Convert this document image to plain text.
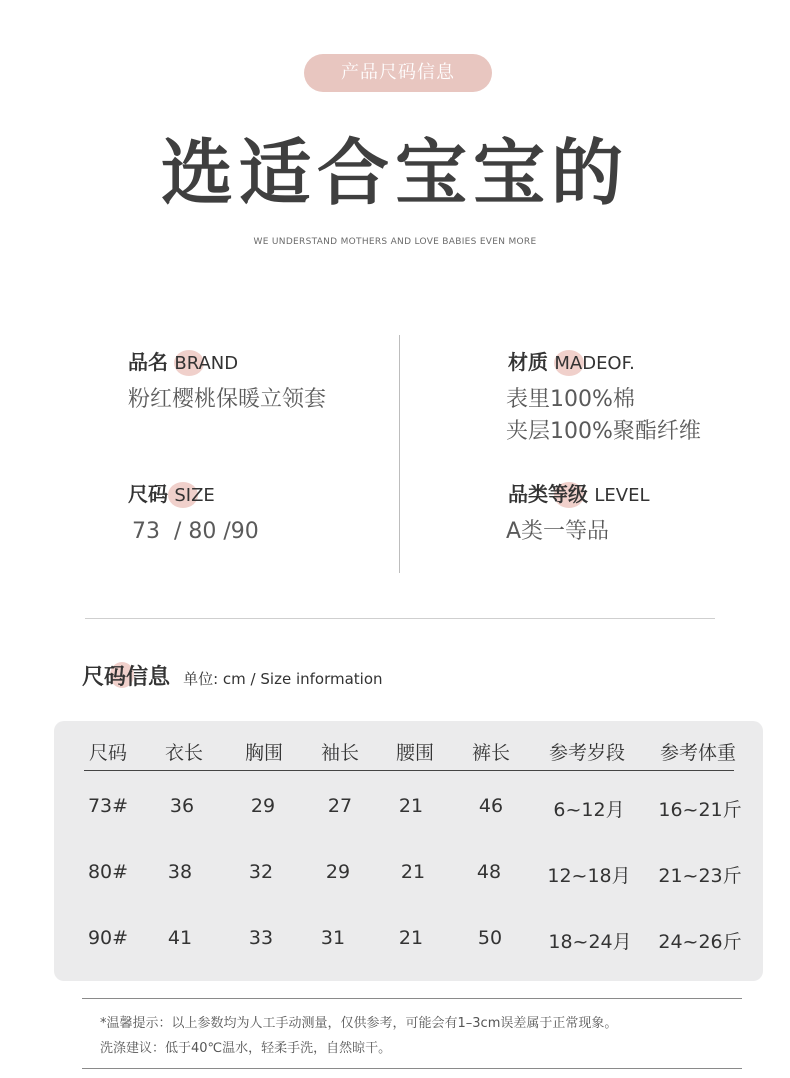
产品尺码信息
选适合宝宝的
WE UNDERSTAND MOTHERS AND LOVE BABIES EVEN MORE
品名 BRAND
粉红樱桃保暖立领套
材质 MADEOF.
表里100%棉
夹层100%聚酯纤维
尺码 SIZE
73  / 80 /90
品类等级 LEVEL
A类一等品
尺码信息 单位: cm / Size information
尺码	衣长	胸围	袖长	腰围	裤长	参考岁段	参考体重
73#	36	29	27	21	46	6~12月	16~21斤
80#	38	32	29	21	48	12~18月	21~23斤
90#	41	33	31	21	50	18~24月	24~26斤
*温馨提示：以上参数均为人工手动测量，仅供参考，可能会有1–3cm误差属于正常现象。
洗涤建议：低于40℃温水，轻柔手洗，自然晾干。
